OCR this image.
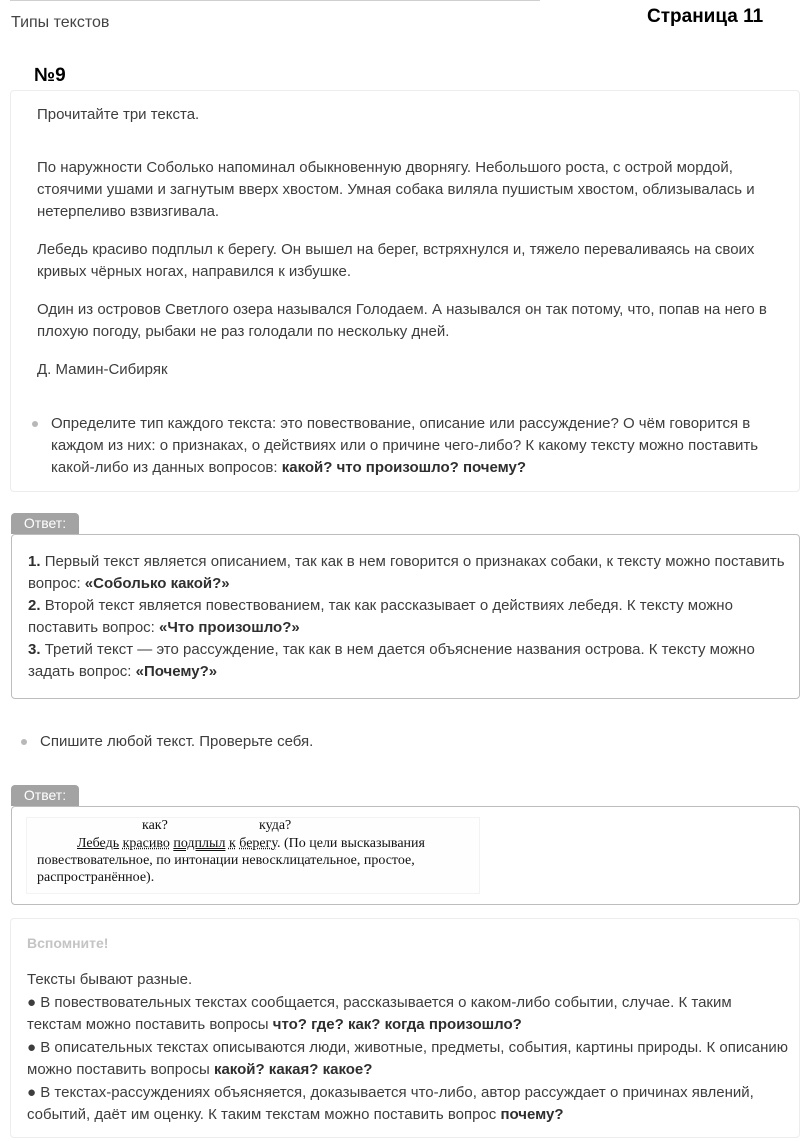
Типы текстов	Страница 11
№9

Прочитайте три текста.

По наружности Соболько напоминал обыкновенную дворнягу. Небольшого роста, с острой мордой, стоячими ушами и загнутым вверх хвостом. Умная собака виляла пушистым хвостом, облизывалась и нетерпеливо взвизгивала.

Лебедь красиво подплыл к берегу. Он вышел на берег, встряхнулся и, тяжело переваливаясь на своих кривых чёрных ногах, направился к избушке.

Один из островов Светлого озера назывался Голодаем. А назывался он так потому, что, попав на него в плохую погоду, рыбаки не раз голодали по нескольку дней.

Д. Мамин-Сибиряк

Определите тип каждого текста: это повествование, описание или рассуждение? О чём говорится в каждом из них: о признаках, о действиях или о причине чего-либо? К какому тексту можно поставить какой-либо из данных вопросов: какой? что произошло? почему?

Ответ:

1. Первый текст является описанием, так как в нем говорится о признаках собаки, к тексту можно поставить вопрос: «Соболько какой?»
2. Второй текст является повествованием, так как рассказывает о действиях лебедя. К тексту можно поставить вопрос: «Что произошло?»
3. Третий текст — это рассуждение, так как в нем дается объяснение названия острова. К тексту можно задать вопрос: «Почему?»

Спишите любой текст. Проверьте себя.

Ответ:
как?	куда?
Лебедь красиво подплыл к берегу. (По цели высказывания
повествовательное, по интонации невосклицательное, простое,
распространённое).
Вспомните!

Тексты бывают разные.
● В повествовательных текстах сообщается, рассказывается о каком-либо событии, случае. К таким текстам можно поставить вопросы что? где? как? когда произошло?
● В описательных текстах описываются люди, животные, предметы, события, картины природы. К описанию можно поставить вопросы какой? какая? какое?
● В текстах-рассуждениях объясняется, доказывается что-либо, автор рассуждает о причинах явлений, событий, даёт им оценку. К таким текстам можно поставить вопрос почему?
